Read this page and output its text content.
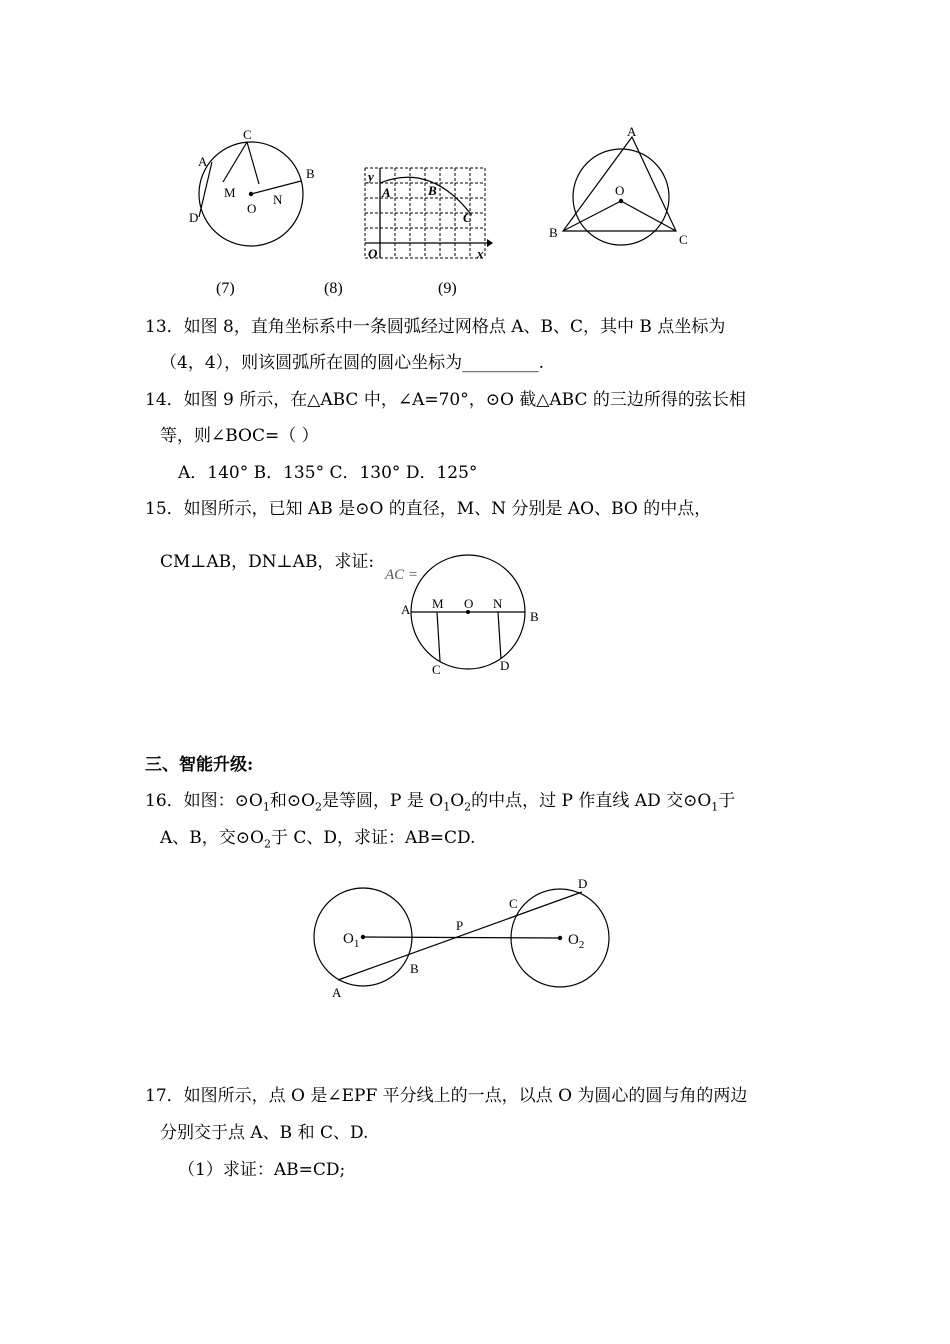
A
C
B
D
M	N
O
y
A	B
C
O	x
A
O
B	C
(7)	(8)	(9)
13．如图 8，直角坐标系中一条圆弧经过网格点 A、B、C，其中 B 点坐标为
（4，4），则该圆弧所在圆的圆心坐标为_________.
14．如图 9 所示，在△ABC 中，∠A=70°，⊙O 截△ABC 的三边所得的弦长相
等，则∠BOC=（ ）
A．140° B．135° C．130° D．125°
15．如图所示，已知 AB 是⊙O 的直径，M、N 分别是 AO、BO 的中点，
CM⊥AB，DN⊥AB，求证:
AC =
A M O N
B
C	D
三、智能升级:
16．如图：$⊙O_1$和$⊙O_2$是等圆，P 是 $O_1O_2$的中点，过 P 作直线 AD 交$⊙O_1$于
A、B，交$⊙O_2$于 C、D，求证：AB=CD.
$O_1$	$O_2$
P
A
B
C
D
17．如图所示，点 O 是∠EPF 平分线上的一点，以点 O 为圆心的圆与角的两边
分别交于点 A、B 和 C、D.
（1）求证：AB=CD;
